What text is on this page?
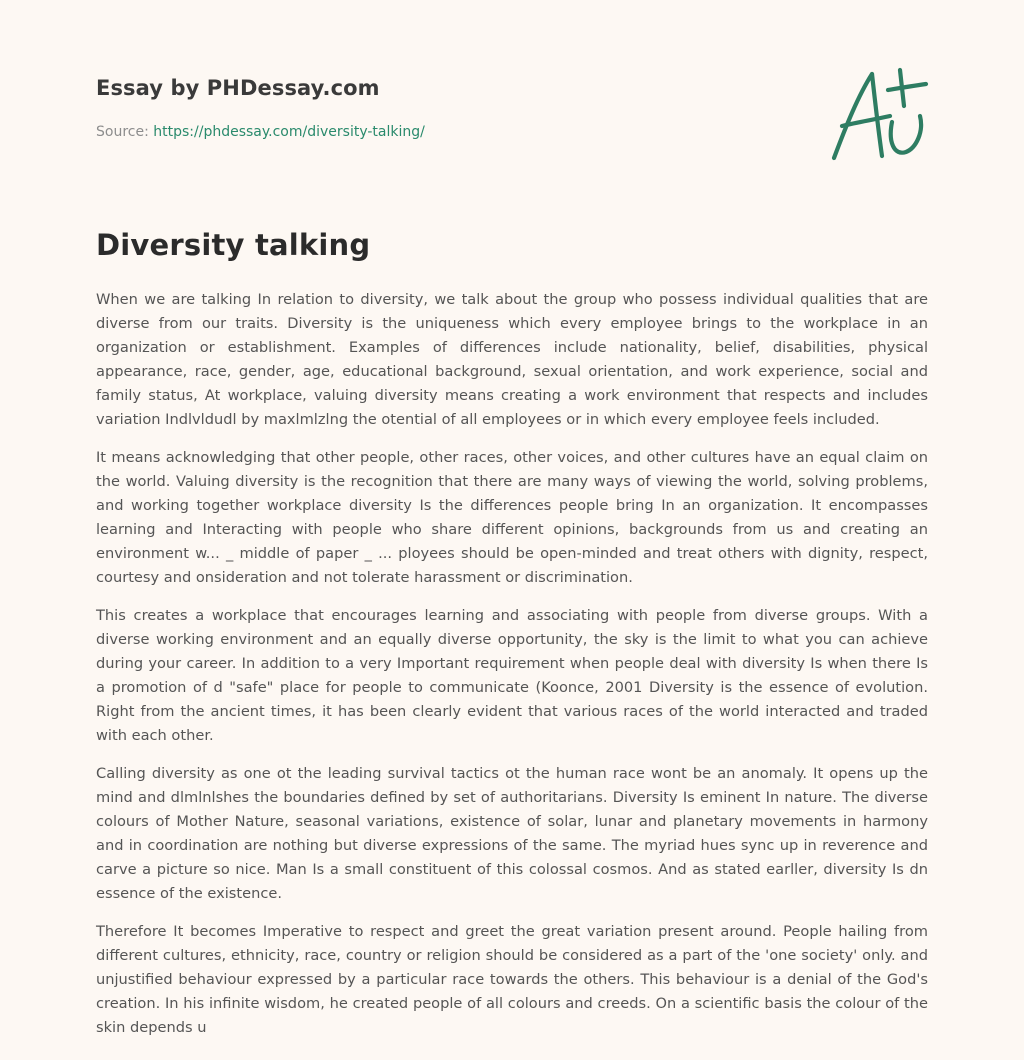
Essay by PHDessay.com
Source: https://phdessay.com/diversity-talking/
Diversity talking

When we are talking In relation to diversity, we talk about the group who possess individual qualities that are diverse from our traits. Diversity is the uniqueness which every employee brings to the workplace in an organization or establishment. Examples of differences include nationality, belief, disabilities, physical appearance, race, gender, age, educational background, sexual orientation, and work experience, social and family status, At workplace, valuing diversity means creating a work environment that respects and includes variation Indlvldudl by maxlmlzlng the otential of all employees or in which every employee feels included.

It means acknowledging that other people, other races, other voices, and other cultures have an equal claim on the world. Valuing diversity is the recognition that there are many ways of viewing the world, solving problems, and working together workplace diversity Is the differences people bring In an organization. It encompasses learning and Interacting with people who share different opinions, backgrounds from us and creating an environment w... _ middle of paper _ ... ployees should be open-minded and treat others with dignity, respect, courtesy and onsideration and not tolerate harassment or discrimination.

This creates a workplace that encourages learning and associating with people from diverse groups. With a diverse working environment and an equally diverse opportunity, the sky is the limit to what you can achieve during your career. In addition to a very Important requirement when people deal with diversity Is when there Is a promotion of d "safe" place for people to communicate (Koonce, 2001 Diversity is the essence of evolution. Right from the ancient times, it has been clearly evident that various races of the world interacted and traded with each other.

Calling diversity as one ot the leading survival tactics ot the human race wont be an anomaly. It opens up the mind and dlmlnlshes the boundaries defined by set of authoritarians. Diversity Is eminent In nature. The diverse colours of Mother Nature, seasonal variations, existence of solar, lunar and planetary movements in harmony and in coordination are nothing but diverse expressions of the same. The myriad hues sync up in reverence and carve a picture so nice. Man Is a small constituent of this colossal cosmos. And as stated earller, diversity Is dn essence of the existence.

Therefore It becomes Imperative to respect and greet the great variation present around. People hailing from different cultures, ethnicity, race, country or religion should be considered as a part of the 'one society' only. and unjustified behaviour expressed by a particular race towards the others. This behaviour is a denial of the God's creation. In his infinite wisdom, he created people of all colours and creeds. On a scientific basis the colour of the skin depends u
